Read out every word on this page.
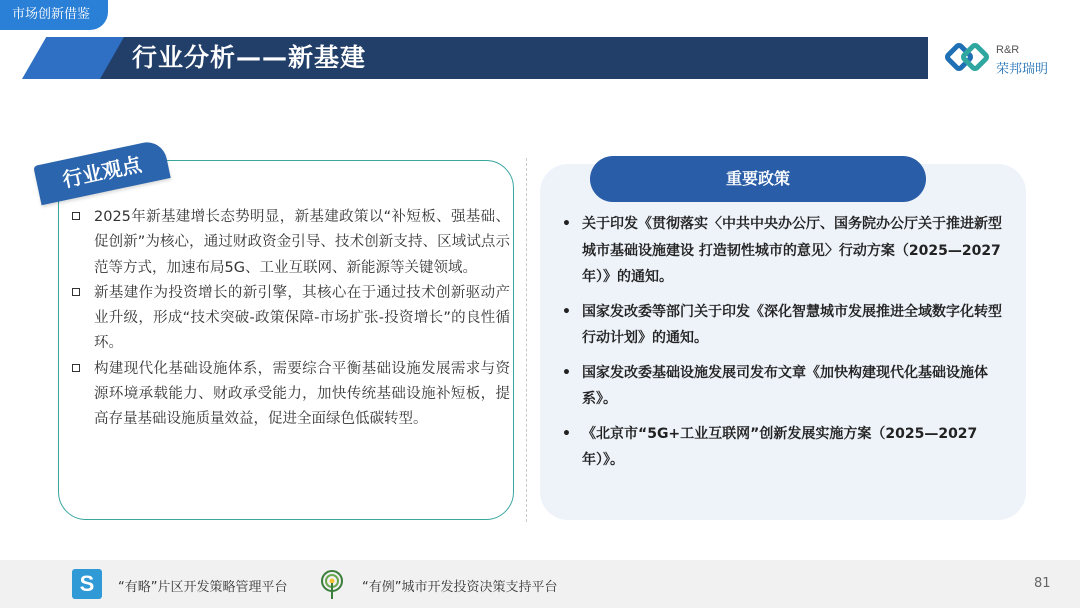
市场创新借鉴
行业分析——新基建	R&R
荣邦瑞明
行业观点
2025年新基建增长态势明显，新基建政策以“补短板、强基础、促创新”为核心，通过财政资金引导、技术创新支持、区域试点示范等方式，加速布局5G、工业互联网、新能源等关键领域。
新基建作为投资增长的新引擎，其核心在于通过技术创新驱动产业升级，形成“技术突破-政策保障-市场扩张-投资增长”的良性循环。
构建现代化基础设施体系，需要综合平衡基础设施发展需求与资源环境承载能力、财政承受能力，加快传统基础设施补短板，提高存量基础设施质量效益，促进全面绿色低碳转型。
重要政策
• 关于印发《贯彻落实〈中共中央办公厅、国务院办公厅关于推进新型城市基础设施建设 打造韧性城市的意见〉行动方案（2025—2027年）》的通知。
• 国家发改委等部门关于印发《深化智慧城市发展推进全域数字化转型行动计划》的通知。
• 国家发改委基础设施发展司发布文章《加快构建现代化基础设施体系》。
• 《北京市“5G+工业互联网”创新发展实施方案（2025—2027年）》。
S	“有略”片区开发策略管理平台	“有例”城市开发投资决策支持平台	81
